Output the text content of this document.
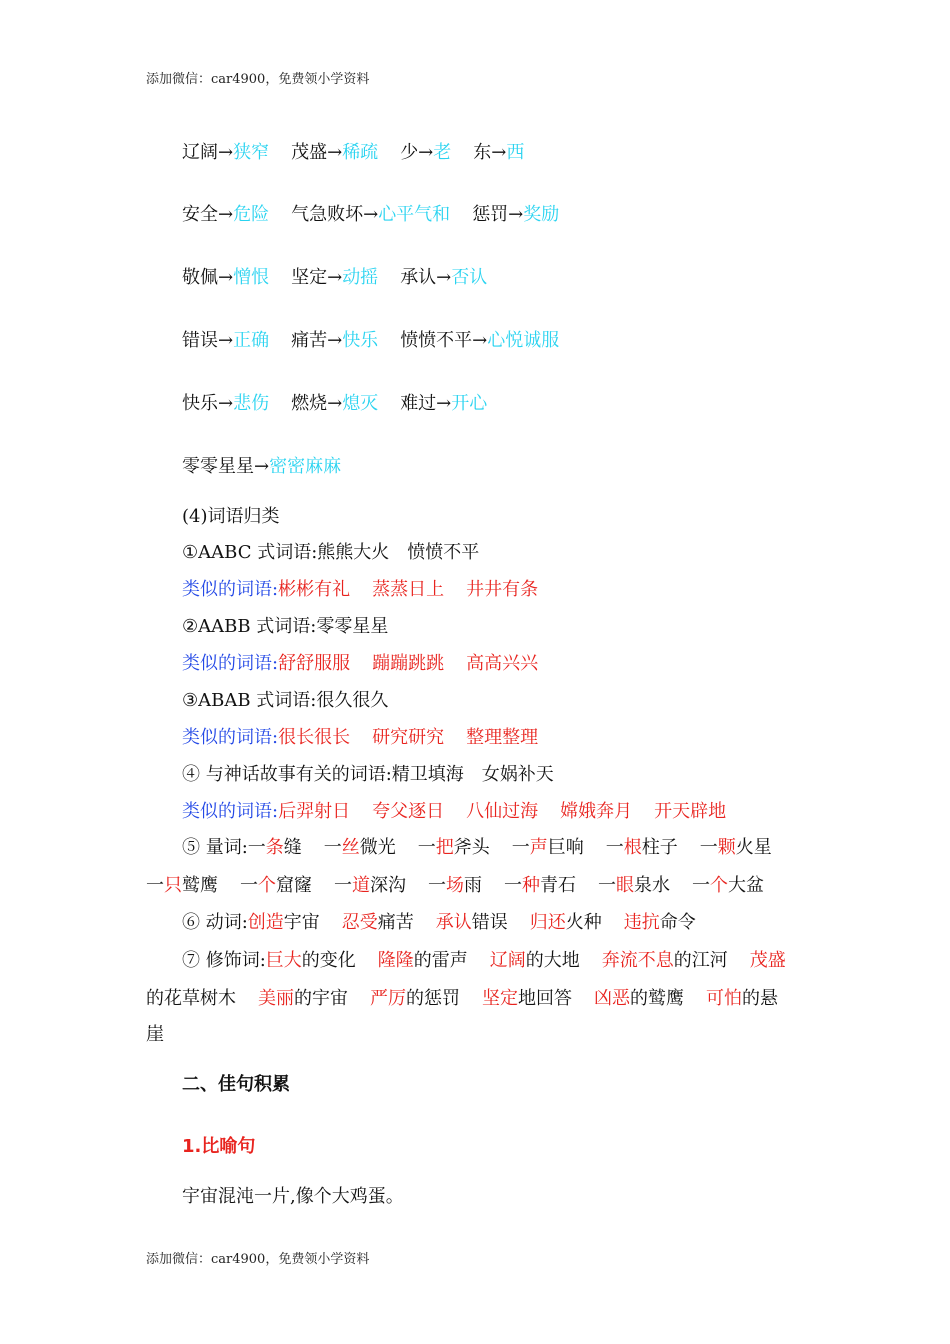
添加微信：car4900，免费领小学资料
辽阔→狭窄 茂盛→稀疏 少→老 东→西
安全→危险 气急败坏→心平气和 惩罚→奖励
敬佩→憎恨 坚定→动摇 承认→否认
错误→正确 痛苦→快乐 愤愤不平→心悦诚服
快乐→悲伤 燃烧→熄灭 难过→开心
零零星星→密密麻麻
(4)词语归类
①AABC 式词语:熊熊大火　愤愤不平
类似的词语:彬彬有礼 蒸蒸日上 井井有条
②AABB 式词语:零零星星
类似的词语:舒舒服服 蹦蹦跳跳 高高兴兴
③ABAB 式词语:很久很久
类似的词语:很长很长 研究研究 整理整理
④ 与神话故事有关的词语:精卫填海　女娲补天
类似的词语:后羿射日 夸父逐日 八仙过海 嫦娥奔月 开天辟地
⑤ 量词:一条缝 一丝微光 一把斧头 一声巨响 一根柱子 一颗火星
一只鹫鹰 一个窟窿 一道深沟 一场雨 一种青石 一眼泉水 一个大盆
⑥ 动词:创造宇宙 忍受痛苦 承认错误 归还火种 违抗命令
⑦ 修饰词:巨大的变化 隆隆的雷声 辽阔的大地 奔流不息的江河 茂盛
的花草树木 美丽的宇宙 严厉的惩罚 坚定地回答 凶恶的鹫鹰 可怕的悬
崖
二、佳句积累
1.比喻句
宇宙混沌一片,像个大鸡蛋。
添加微信：car4900，免费领小学资料
